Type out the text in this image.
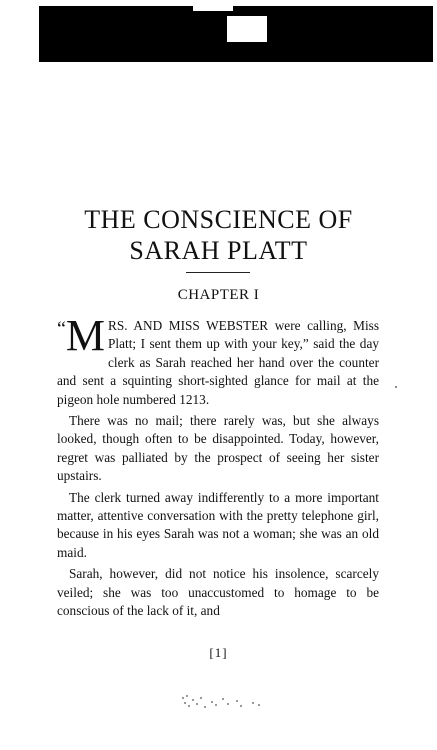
THE CONSCIENCE OF
SARAH PLATT
CHAPTER I

“ M RS. AND MISS WEBSTER were calling, Miss Platt; I sent them up with your key,” said the day clerk as Sarah reached her hand over the counter and sent a squinting short-sighted glance for mail at the pigeon hole numbered 1213.

There was no mail; there rarely was, but she always looked, though often to be disappointed. Today, however, regret was palliated by the prospect of seeing her sister upstairs.

The clerk turned away indifferently to a more important matter, attentive conversation with the pretty telephone girl, because in his eyes Sarah was not a woman; she was an old maid.

Sarah, however, did not notice his insolence, scarcely veiled; she was too unaccustomed to homage to be conscious of the lack of it, and

[1]
